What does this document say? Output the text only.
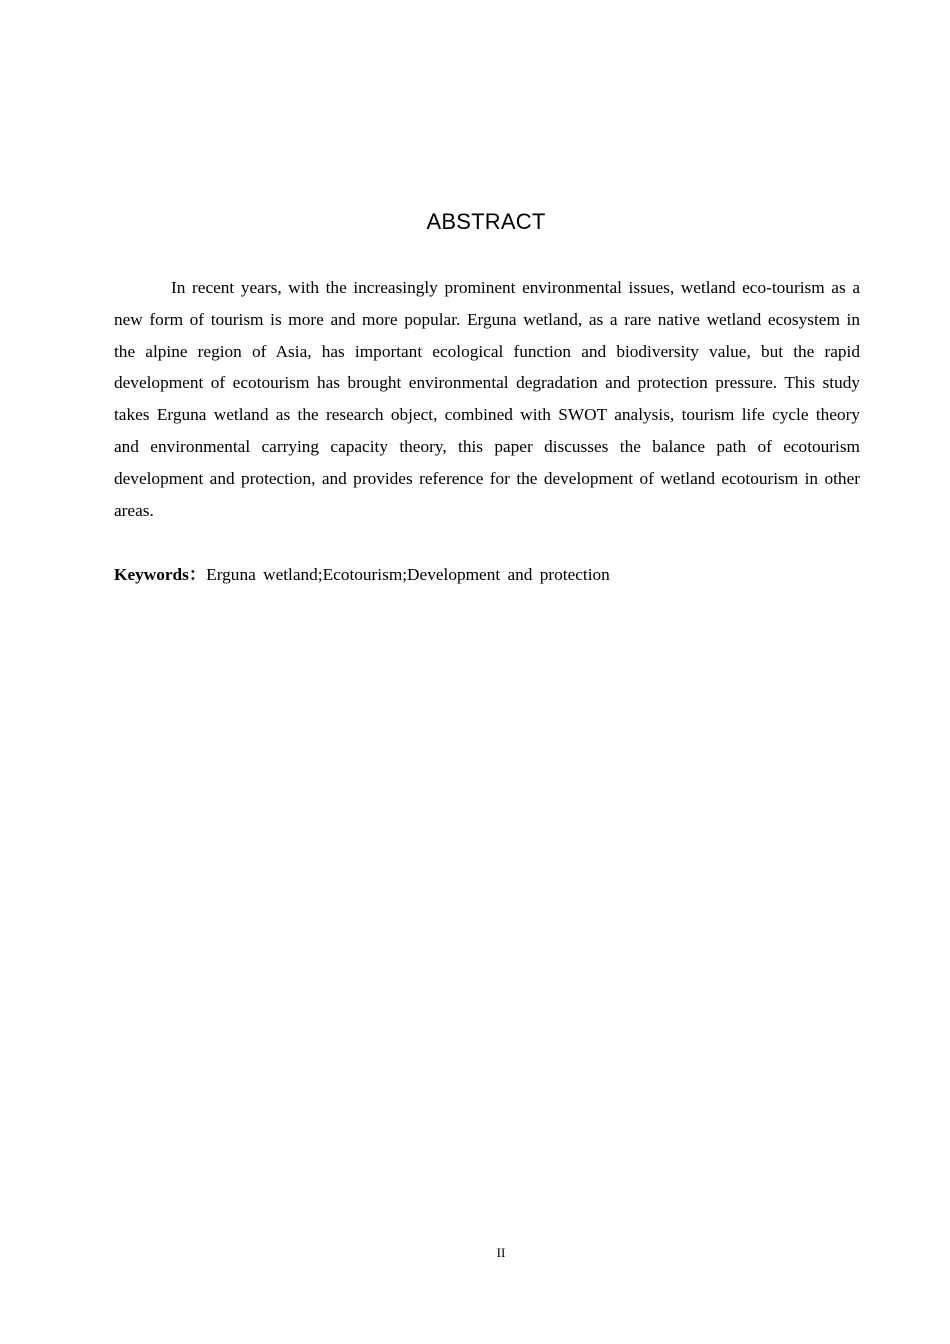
ABSTRACT

In recent years, with the increasingly prominent environmental issues, wetland eco-tourism as a new form of tourism is more and more popular. Erguna wetland, as a rare native wetland ecosystem in the alpine region of Asia, has important ecological function and biodiversity value, but the rapid development of ecotourism has brought environmental degradation and protection pressure. This study takes Erguna wetland as the research object, combined with SWOT analysis, tourism life cycle theory and environmental carrying capacity theory, this paper discusses the balance path of ecotourism development and protection, and provides reference for the development of wetland ecotourism in other areas.

Keywords：Erguna wetland;Ecotourism;Development and protection

II
